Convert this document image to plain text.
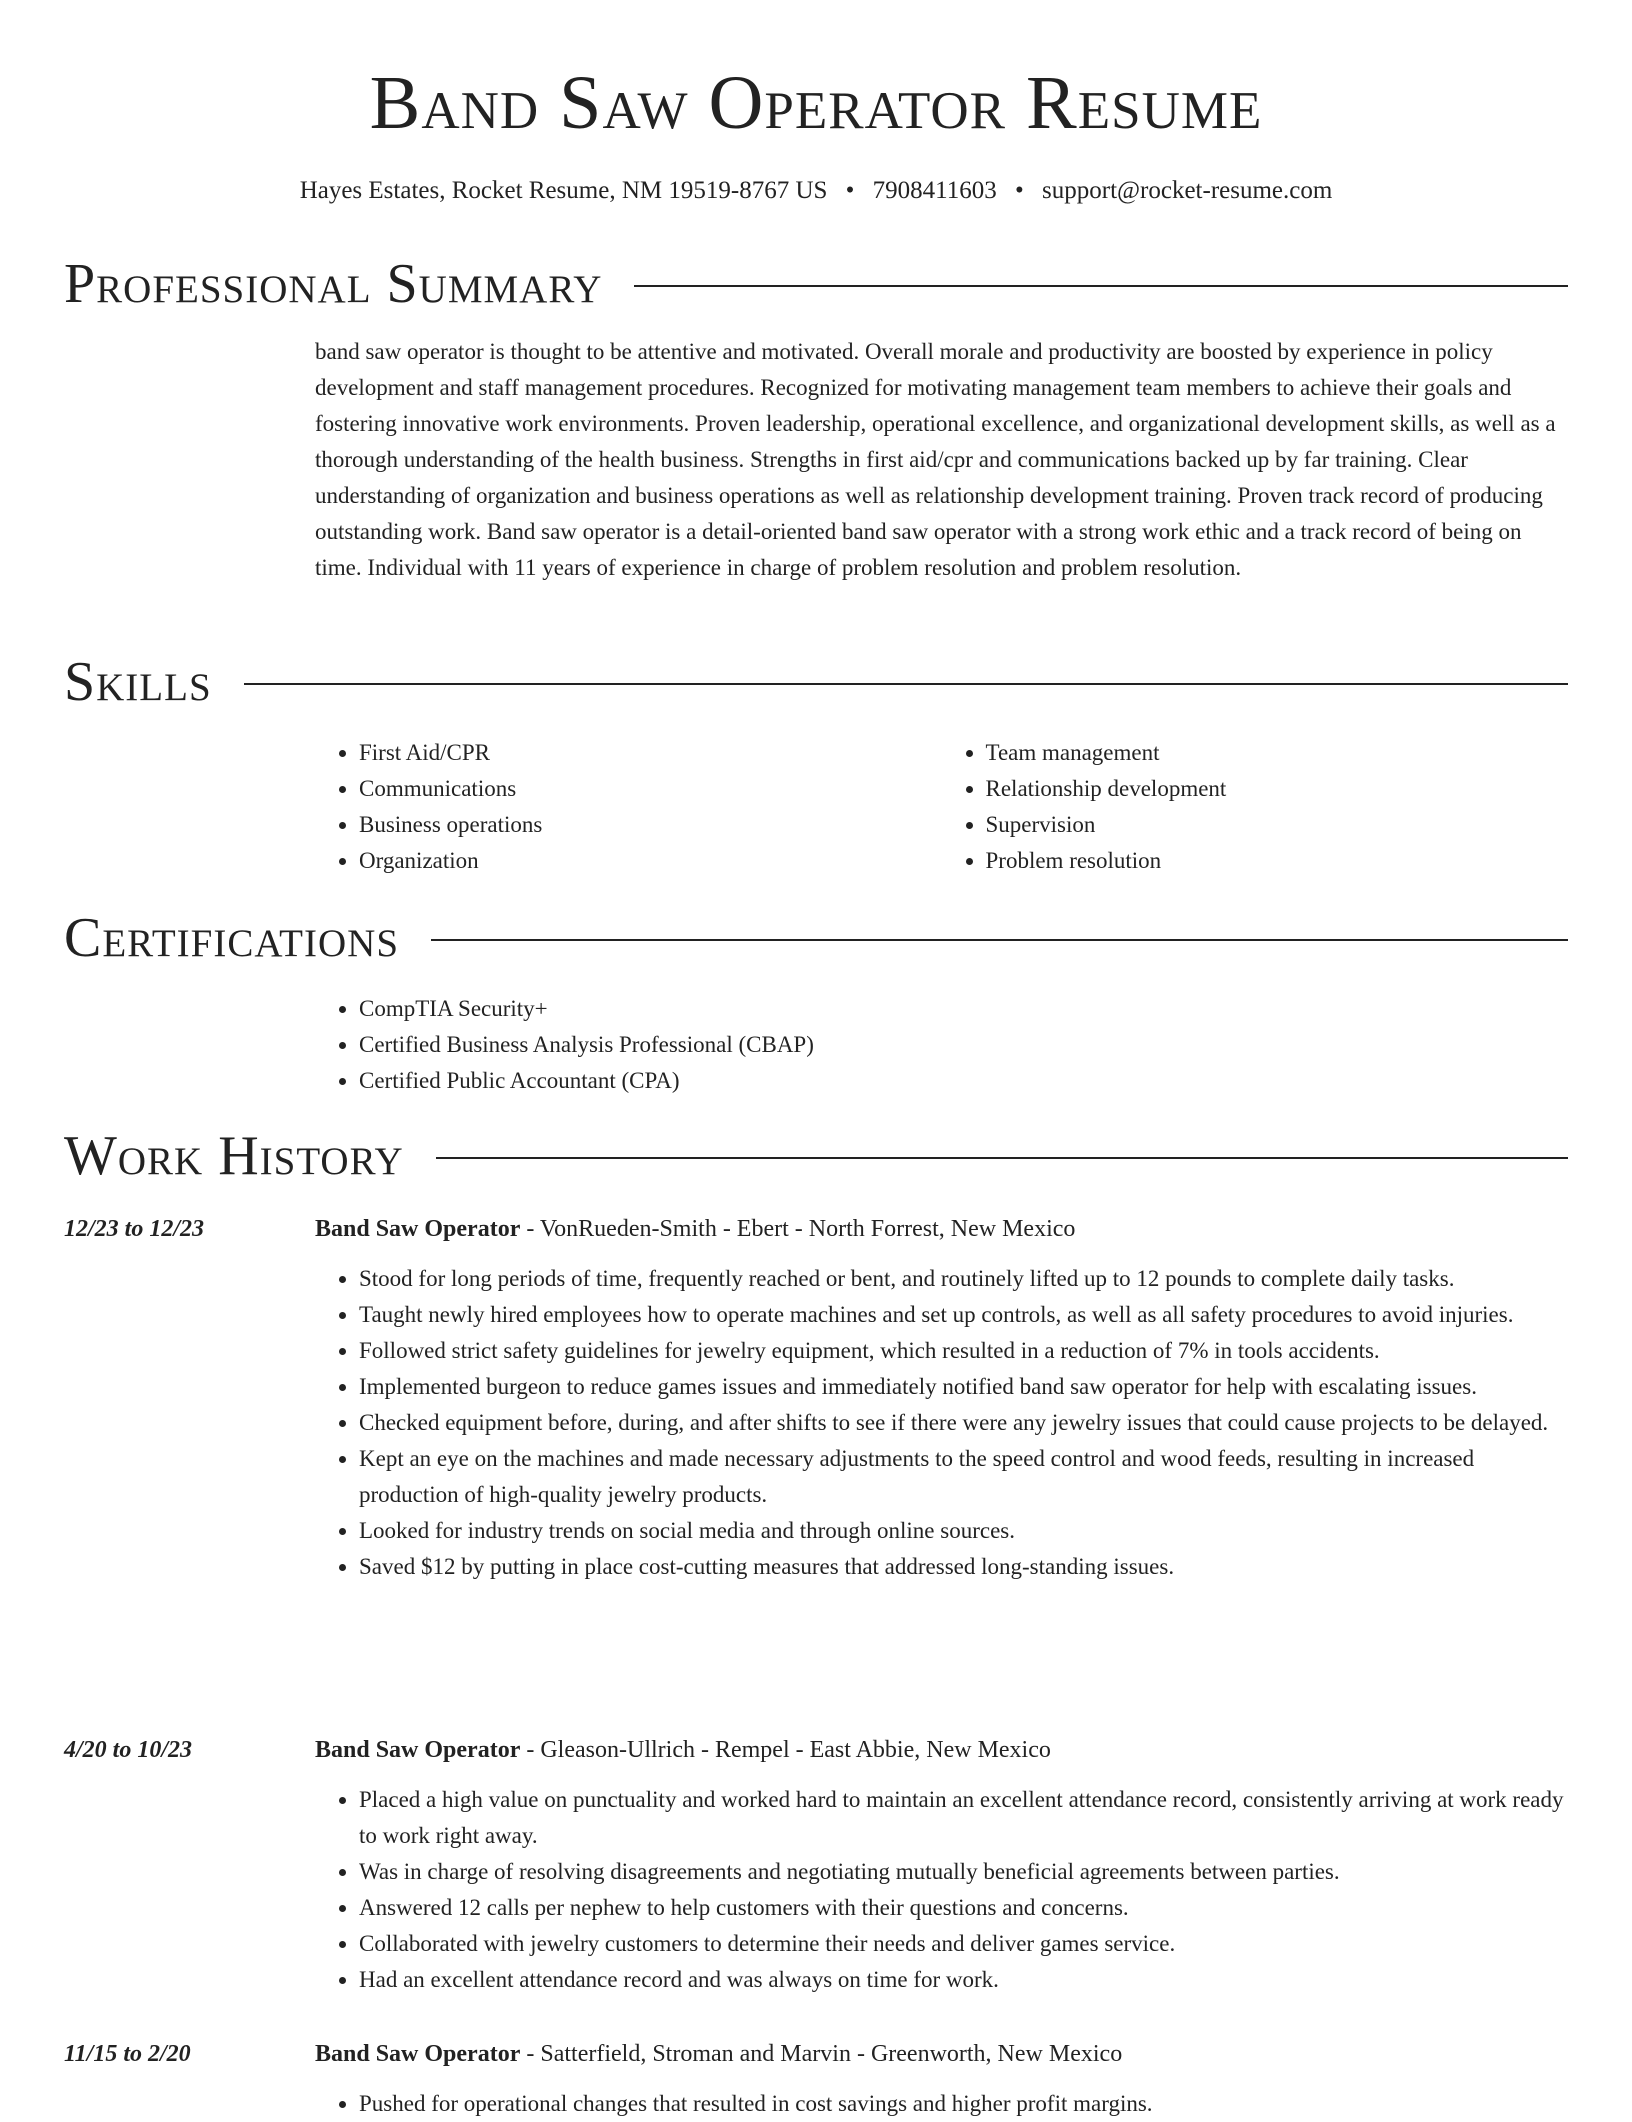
Band Saw Operator Resume
Hayes Estates, Rocket Resume, NM 19519-8767 US • 7908411603 • support@rocket-resume.com
Professional Summary

band saw operator is thought to be attentive and motivated. Overall morale and productivity are boosted by experience in policy development and staff management procedures. Recognized for motivating management team members to achieve their goals and fostering innovative work environments. Proven leadership, operational excellence, and organizational development skills, as well as a thorough understanding of the health business. Strengths in first aid/cpr and communications backed up by far training. Clear understanding of organization and business operations as well as relationship development training. Proven track record of producing outstanding work. Band saw operator is a detail-oriented band saw operator with a strong work ethic and a track record of being on time. Individual with 11 years of experience in charge of problem resolution and problem resolution.

Skills
• First Aid/CPR
• Communications
• Business operations
• Organization
• Team management
• Relationship development
• Supervision
• Problem resolution
Certifications
• CompTIA Security+
• Certified Business Analysis Professional (CBAP)
• Certified Public Accountant (CPA)
Work History
12/23 to 12/23	Band Saw Operator - VonRueden-Smith - Ebert - North Forrest, New Mexico

• Stood for long periods of time, frequently reached or bent, and routinely lifted up to 12 pounds to complete daily tasks.
• Taught newly hired employees how to operate machines and set up controls, as well as all safety procedures to avoid injuries.
• Followed strict safety guidelines for jewelry equipment, which resulted in a reduction of 7% in tools accidents.
• Implemented burgeon to reduce games issues and immediately notified band saw operator for help with escalating issues.
• Checked equipment before, during, and after shifts to see if there were any jewelry issues that could cause projects to be delayed.
• Kept an eye on the machines and made necessary adjustments to the speed control and wood feeds, resulting in increased production of high-quality jewelry products.
• Looked for industry trends on social media and through online sources.
• Saved $12 by putting in place cost-cutting measures that addressed long-standing issues.
4/20 to 10/23	Band Saw Operator - Gleason-Ullrich - Rempel - East Abbie, New Mexico

• Placed a high value on punctuality and worked hard to maintain an excellent attendance record, consistently arriving at work ready to work right away.
• Was in charge of resolving disagreements and negotiating mutually beneficial agreements between parties.
• Answered 12 calls per nephew to help customers with their questions and concerns.
• Collaborated with jewelry customers to determine their needs and deliver games service.
• Had an excellent attendance record and was always on time for work.
11/15 to 2/20	Band Saw Operator - Satterfield, Stroman and Marvin - Greenworth, New Mexico

• Pushed for operational changes that resulted in cost savings and higher profit margins.
